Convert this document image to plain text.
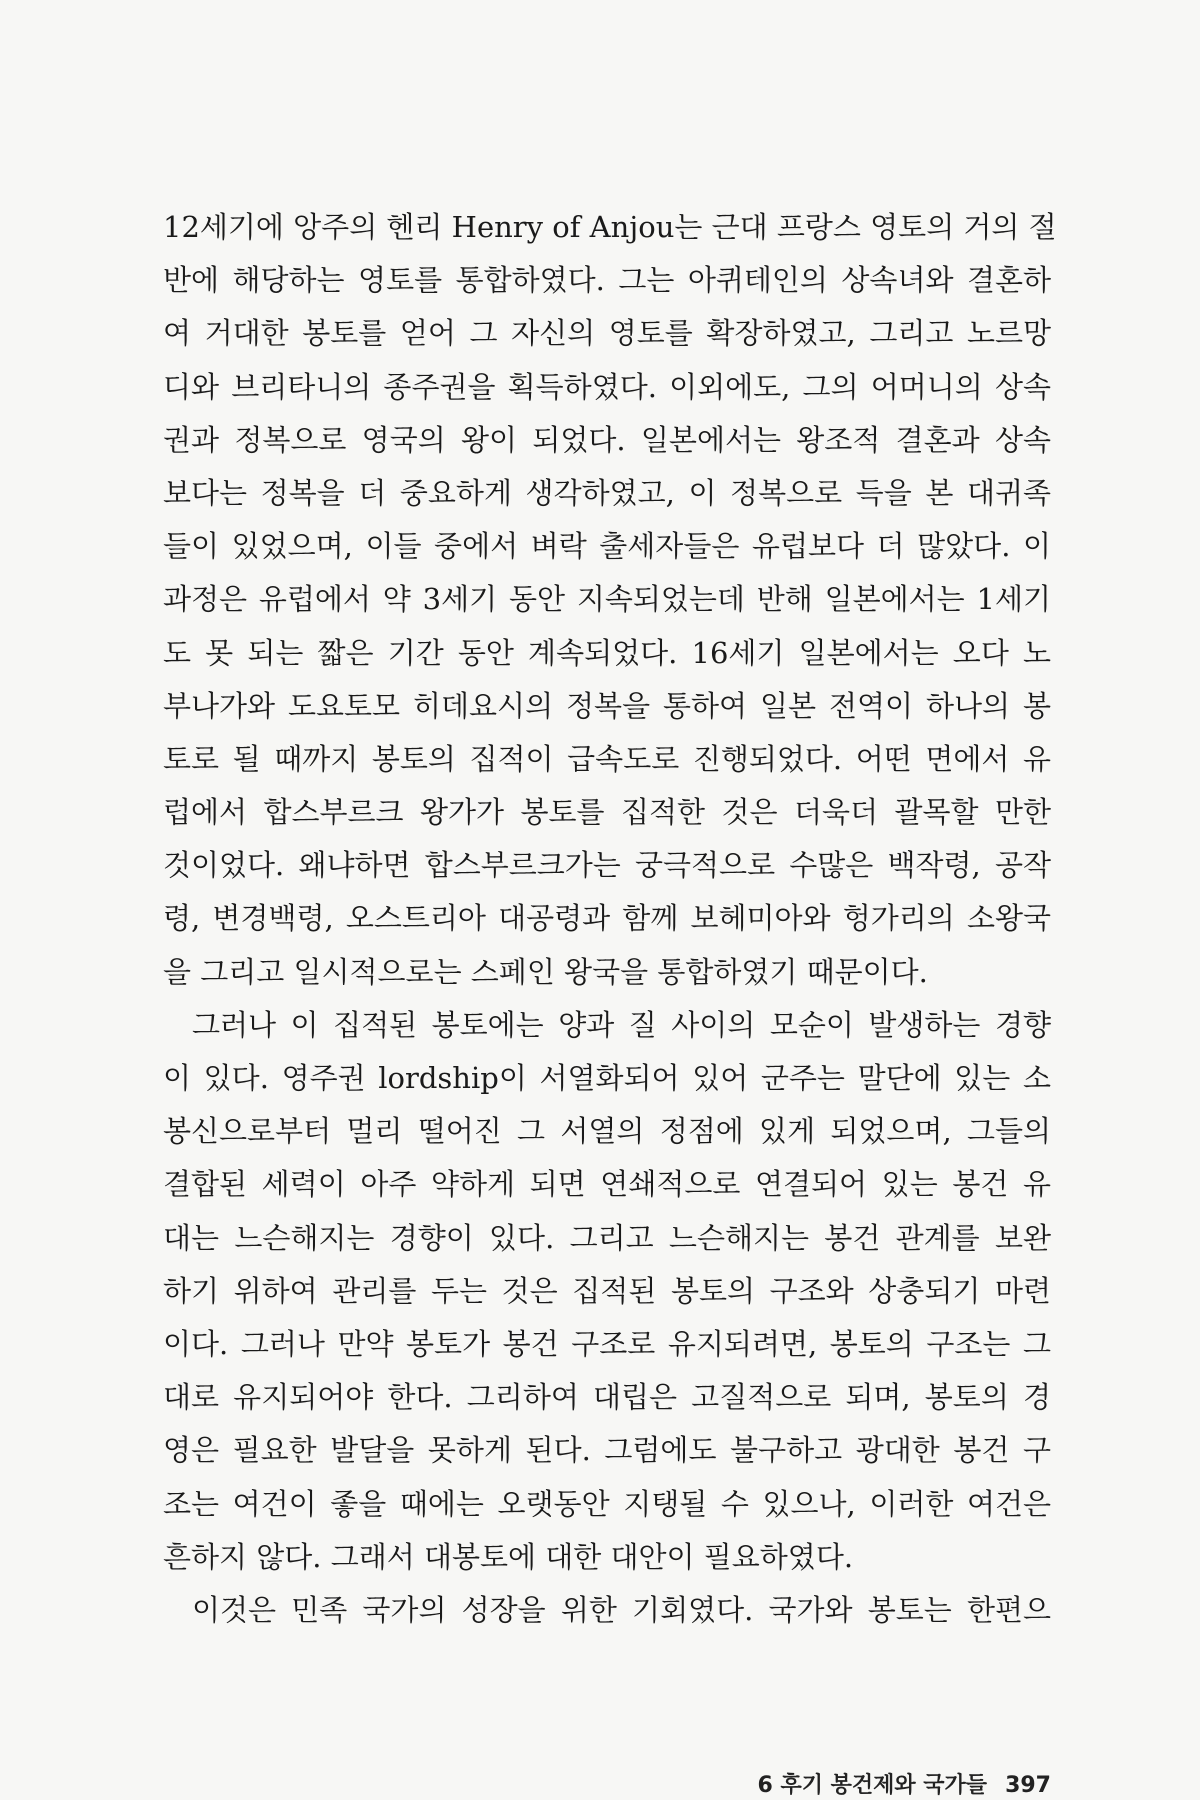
12세기에 앙주의 헨리 Henry of Anjou는 근대 프랑스 영토의 거의 절
반에 해당하는 영토를 통합하였다. 그는 아퀴테인의 상속녀와 결혼하
여 거대한 봉토를 얻어 그 자신의 영토를 확장하였고, 그리고 노르망
디와 브리타니의 종주권을 획득하였다. 이외에도, 그의 어머니의 상속
권과 정복으로 영국의 왕이 되었다. 일본에서는 왕조적 결혼과 상속
보다는 정복을 더 중요하게 생각하였고, 이 정복으로 득을 본 대귀족
들이 있었으며, 이들 중에서 벼락 출세자들은 유럽보다 더 많았다. 이
과정은 유럽에서 약 3세기 동안 지속되었는데 반해 일본에서는 1세기
도 못 되는 짧은 기간 동안 계속되었다. 16세기 일본에서는 오다 노
부나가와 도요토모 히데요시의 정복을 통하여 일본 전역이 하나의 봉
토로 될 때까지 봉토의 집적이 급속도로 진행되었다. 어떤 면에서 유
럽에서 합스부르크 왕가가 봉토를 집적한 것은 더욱더 괄목할 만한
것이었다. 왜냐하면 합스부르크가는 궁극적으로 수많은 백작령, 공작
령, 변경백령, 오스트리아 대공령과 함께 보헤미아와 헝가리의 소왕국
을 그리고 일시적으로는 스페인 왕국을 통합하였기 때문이다.
그러나 이 집적된 봉토에는 양과 질 사이의 모순이 발생하는 경향
이 있다. 영주권 lordship이 서열화되어 있어 군주는 말단에 있는 소
봉신으로부터 멀리 떨어진 그 서열의 정점에 있게 되었으며, 그들의
결합된 세력이 아주 약하게 되면 연쇄적으로 연결되어 있는 봉건 유
대는 느슨해지는 경향이 있다. 그리고 느슨해지는 봉건 관계를 보완
하기 위하여 관리를 두는 것은 집적된 봉토의 구조와 상충되기 마련
이다. 그러나 만약 봉토가 봉건 구조로 유지되려면, 봉토의 구조는 그
대로 유지되어야 한다. 그리하여 대립은 고질적으로 되며, 봉토의 경
영은 필요한 발달을 못하게 된다. 그럼에도 불구하고 광대한 봉건 구
조는 여건이 좋을 때에는 오랫동안 지탱될 수 있으나, 이러한 여건은
흔하지 않다. 그래서 대봉토에 대한 대안이 필요하였다.
이것은 민족 국가의 성장을 위한 기회였다. 국가와 봉토는 한편으
6 후기 봉건제와 국가들 397
